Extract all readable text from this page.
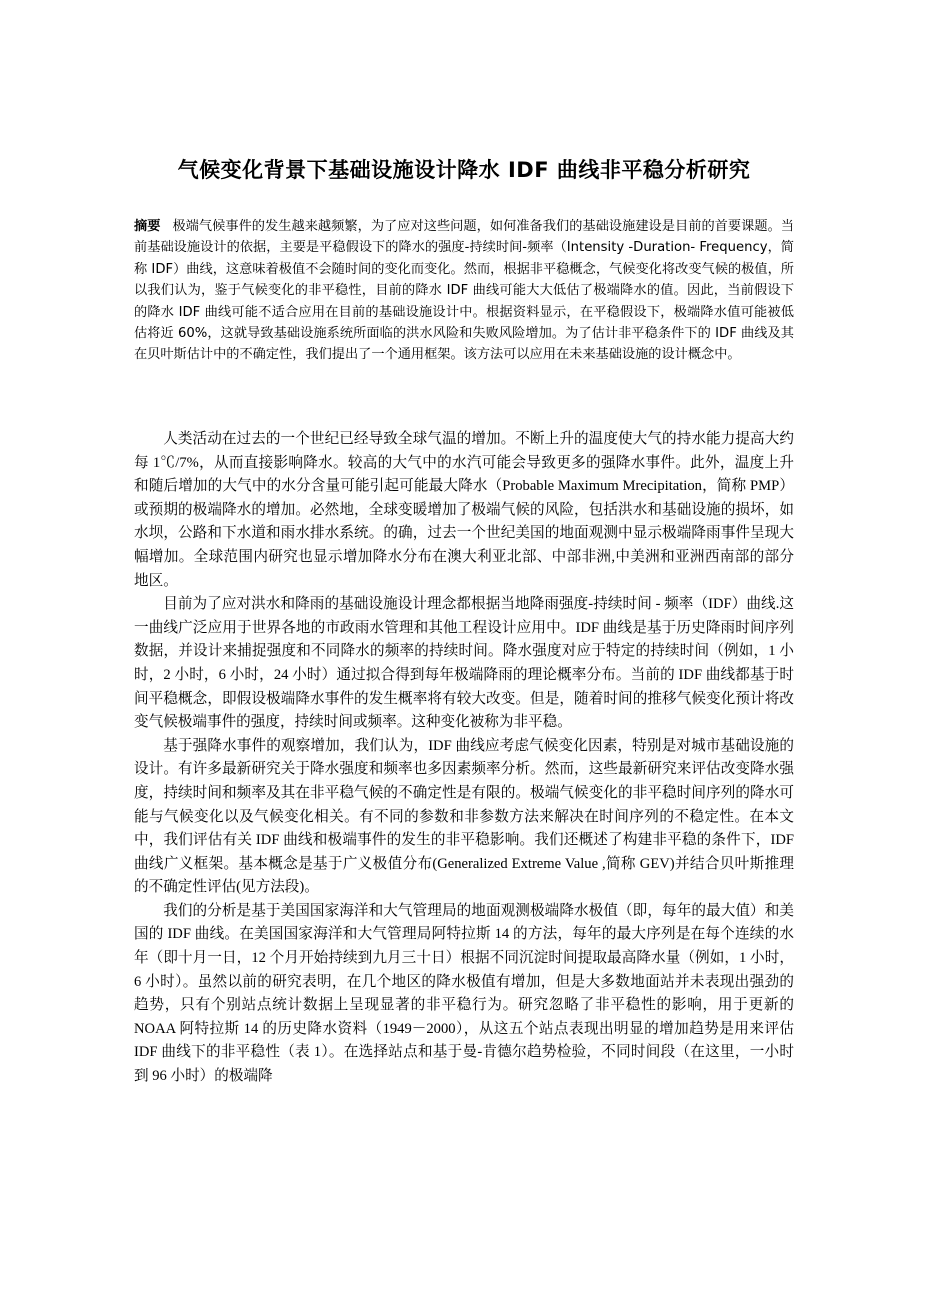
气候变化背景下基础设施设计降水 IDF 曲线非平稳分析研究
摘要 极端气候事件的发生越来越频繁，为了应对这些问题，如何准备我们的基础设施建设是目前的首要课题。当前基础设施设计的依据，主要是平稳假设下的降水的强度-持续时间-频率（Intensity -Duration- Frequency，简称 IDF）曲线，这意味着极值不会随时间的变化而变化。然而，根据非平稳概念，气候变化将改变气候的极值，所以我们认为，鉴于气候变化的非平稳性，目前的降水 IDF 曲线可能大大低估了极端降水的值。因此，当前假设下的降水 IDF 曲线可能不适合应用在目前的基础设施设计中。根据资料显示，在平稳假设下，极端降水值可能被低估将近 60%，这就导致基础设施系统所面临的洪水风险和失败风险增加。为了估计非平稳条件下的 IDF 曲线及其在贝叶斯估计中的不确定性，我们提出了一个通用框架。该方法可以应用在未来基础设施的设计概念中。

人类活动在过去的一个世纪已经导致全球气温的增加。不断上升的温度使大气的持水能力提高大约每 1℃/7%，从而直接影响降水。较高的大气中的水汽可能会导致更多的强降水事件。此外，温度上升和随后增加的大气中的水分含量可能引起可能最大降水（Probable Maximum Mrecipitation，简称 PMP）或预期的极端降水的增加。必然地，全球变暖增加了极端气候的风险，包括洪水和基础设施的损坏，如水坝，公路和下水道和雨水排水系统。的确，过去一个世纪美国的地面观测中显示极端降雨事件呈现大幅增加。全球范围内研究也显示增加降水分布在澳大利亚北部、中部非洲,中美洲和亚洲西南部的部分地区。

目前为了应对洪水和降雨的基础设施设计理念都根据当地降雨强度-持续时间 - 频率（IDF）曲线.这一曲线广泛应用于世界各地的市政雨水管理和其他工程设计应用中。IDF 曲线是基于历史降雨时间序列数据，并设计来捕捉强度和不同降水的频率的持续时间。降水强度对应于特定的持续时间（例如，1 小时，2 小时，6 小时，24 小时）通过拟合得到每年极端降雨的理论概率分布。当前的 IDF 曲线都基于时间平稳概念，即假设极端降水事件的发生概率将有较大改变。但是，随着时间的推移气候变化预计将改变气候极端事件的强度，持续时间或频率。这种变化被称为非平稳。

基于强降水事件的观察增加，我们认为，IDF 曲线应考虑气候变化因素，特别是对城市基础设施的设计。有许多最新研究关于降水强度和频率也多因素频率分析。然而，这些最新研究来评估改变降水强度，持续时间和频率及其在非平稳气候的不确定性是有限的。极端气候变化的非平稳时间序列的降水可能与气候变化以及气候变化相关。有不同的参数和非参数方法来解决在时间序列的不稳定性。在本文中，我们评估有关 IDF 曲线和极端事件的发生的非平稳影响。我们还概述了构建非平稳的条件下，IDF 曲线广义框架。基本概念是基于广义极值分布(Generalized Extreme Value ,简称 GEV)并结合贝叶斯推理的不确定性评估(见方法段)。

我们的分析是基于美国国家海洋和大气管理局的地面观测极端降水极值（即，每年的最大值）和美国的 IDF 曲线。在美国国家海洋和大气管理局阿特拉斯 14 的方法，每年的最大序列是在每个连续的水年（即十月一日，12 个月开始持续到九月三十日）根据不同沉淀时间提取最高降水量（例如，1 小时，6 小时）。虽然以前的研究表明，在几个地区的降水极值有增加，但是大多数地面站并未表现出强劲的趋势，只有个别站点统计数据上呈现显著的非平稳行为。研究忽略了非平稳性的影响，用于更新的 NOAA 阿特拉斯 14 的历史降水资料（1949－2000），从这五个站点表现出明显的增加趋势是用来评估 IDF 曲线下的非平稳性（表 1）。在选择站点和基于曼-肯德尔趋势检验，不同时间段（在这里，一小时到 96 小时）的极端降
